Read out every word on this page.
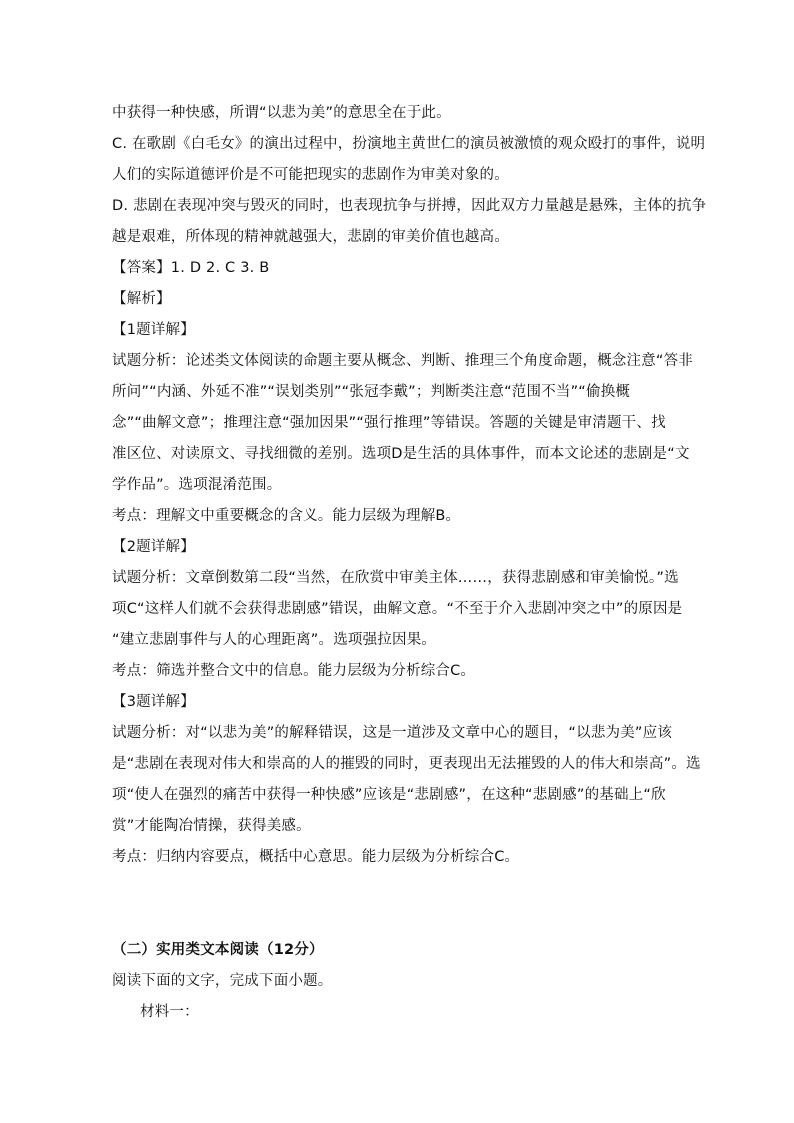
中获得一种快感，所谓“以悲为美”的意思全在于此。
C. 在歌剧《白毛女》的演出过程中，扮演地主黄世仁的演员被激愤的观众殴打的事件，说明
人们的实际道德评价是不可能把现实的悲剧作为审美对象的。
D. 悲剧在表现冲突与毁灭的同时，也表现抗争与拼搏，因此双方力量越是悬殊，主体的抗争
越是艰难，所体现的精神就越强大，悲剧的审美价值也越高。
【答案】1. D 2. C 3. B
【解析】
【1题详解】
试题分析：论述类文体阅读的命题主要从概念、判断、推理三个角度命题，概念注意“答非
所问”“内涵、外延不准”“误划类别”“张冠李戴”；判断类注意“范围不当”“偷换概
念”“曲解文意”；推理注意“强加因果”“强行推理”等错误。答题的关键是审清题干、找
准区位、对读原文、寻找细微的差别。选项D是生活的具体事件，而本文论述的悲剧是“文
学作品”。选项混淆范围。
考点：理解文中重要概念的含义。能力层级为理解B。
【2题详解】
试题分析：文章倒数第二段“当然，在欣赏中审美主体……，获得悲剧感和审美愉悦。”选
项C“这样人们就不会获得悲剧感”错误，曲解文意。“不至于介入悲剧冲突之中”的原因是
“建立悲剧事件与人的心理距离”。选项强拉因果。
考点：筛选并整合文中的信息。能力层级为分析综合C。
【3题详解】
试题分析：对“以悲为美”的解释错误，这是一道涉及文章中心的题目，“以悲为美”应该
是“悲剧在表现对伟大和崇高的人的摧毁的同时，更表现出无法摧毁的人的伟大和崇高”。选
项“使人在强烈的痛苦中获得一种快感”应该是“悲剧感”，在这种“悲剧感”的基础上“欣
赏”才能陶冶情操，获得美感。
考点：归纳内容要点，概括中心意思。能力层级为分析综合C。
（二）实用类文本阅读（12分）
阅读下面的文字，完成下面小题。
材料一：
